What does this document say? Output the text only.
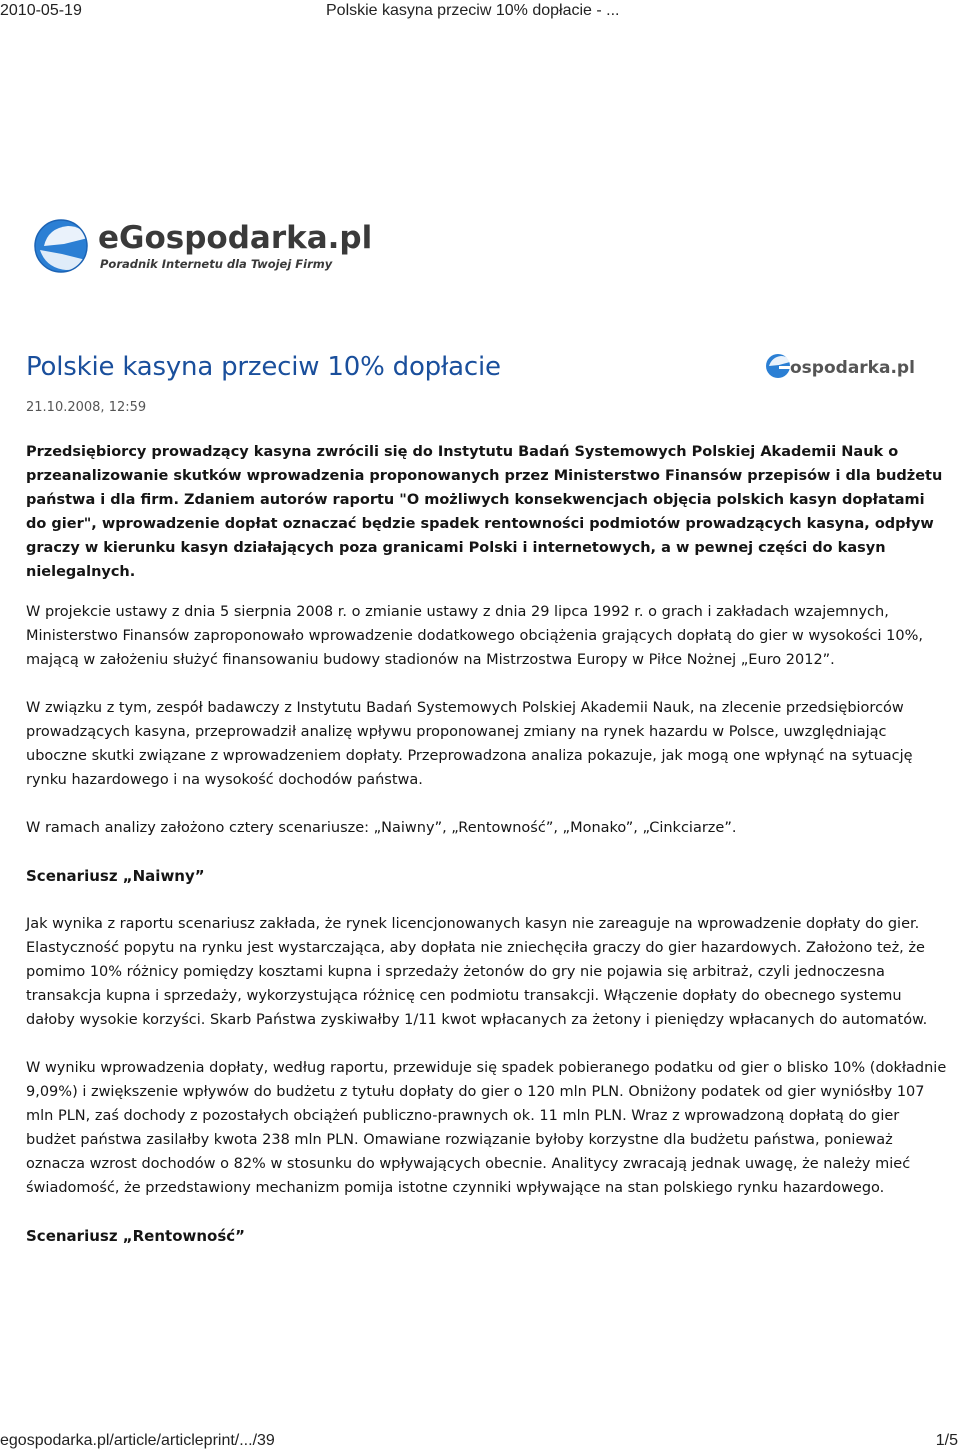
2010-05-19	Polskie kasyna przeciw 10% dopłacie - ...
eGospodarka.pl
Poradnik Internetu dla Twojej Firmy
Polskie kasyna przeciw 10% dopłacie	ospodarka.pl
21.10.2008, 12:59

Przedsiębiorcy prowadzący kasyna zwrócili się do Instytutu Badań Systemowych Polskiej Akademii Nauk o przeanalizowanie skutków wprowadzenia proponowanych przez Ministerstwo Finansów przepisów i dla budżetu państwa i dla firm. Zdaniem autorów raportu "O możliwych konsekwencjach objęcia polskich kasyn dopłatami do gier", wprowadzenie dopłat oznaczać będzie spadek rentowności podmiotów prowadzących kasyna, odpływ graczy w kierunku kasyn działających poza granicami Polski i internetowych, a w pewnej części do kasyn nielegalnych.

W projekcie ustawy z dnia 5 sierpnia 2008 r. o zmianie ustawy z dnia 29 lipca 1992 r. o grach i zakładach wzajemnych, Ministerstwo Finansów zaproponowało wprowadzenie dodatkowego obciążenia grających dopłatą do gier w wysokości 10%, mającą w założeniu służyć finansowaniu budowy stadionów na Mistrzostwa Europy w Piłce Nożnej „Euro 2012”.

W związku z tym, zespół badawczy z Instytutu Badań Systemowych Polskiej Akademii Nauk, na zlecenie przedsiębiorców prowadzących kasyna, przeprowadził analizę wpływu proponowanej zmiany na rynek hazardu w Polsce, uwzględniając uboczne skutki związane z wprowadzeniem dopłaty. Przeprowadzona analiza pokazuje, jak mogą one wpłynąć na sytuację rynku hazardowego i na wysokość dochodów państwa.

W ramach analizy założono cztery scenariusze: „Naiwny”, „Rentowność”, „Monako”, „Cinkciarze”.

Scenariusz „Naiwny”

Jak wynika z raportu scenariusz zakłada, że rynek licencjonowanych kasyn nie zareaguje na wprowadzenie dopłaty do gier. Elastyczność popytu na rynku jest wystarczająca, aby dopłata nie zniechęciła graczy do gier hazardowych. Założono też, że pomimo 10% różnicy pomiędzy kosztami kupna i sprzedaży żetonów do gry nie pojawia się arbitraż, czyli jednoczesna transakcja kupna i sprzedaży, wykorzystująca różnicę cen podmiotu transakcji. Włączenie dopłaty do obecnego systemu dałoby wysokie korzyści. Skarb Państwa zyskiwałby 1/11 kwot wpłacanych za żetony i pieniędzy wpłacanych do automatów.

W wyniku wprowadzenia dopłaty, według raportu, przewiduje się spadek pobieranego podatku od gier o blisko 10% (dokładnie 9,09%) i zwiększenie wpływów do budżetu z tytułu dopłaty do gier o 120 mln PLN. Obniżony podatek od gier wyniósłby 107 mln PLN, zaś dochody z pozostałych obciążeń publiczno-prawnych ok. 11 mln PLN. Wraz z wprowadzoną dopłatą do gier budżet państwa zasilałby kwota 238 mln PLN. Omawiane rozwiązanie byłoby korzystne dla budżetu państwa, ponieważ oznacza wzrost dochodów o 82% w stosunku do wpływających obecnie. Analitycy zwracają jednak uwagę, że należy mieć świadomość, że przedstawiony mechanizm pomija istotne czynniki wpływające na stan polskiego rynku hazardowego.

Scenariusz „Rentowność”
egospodarka.pl/article/articleprint/.../39	1/5
